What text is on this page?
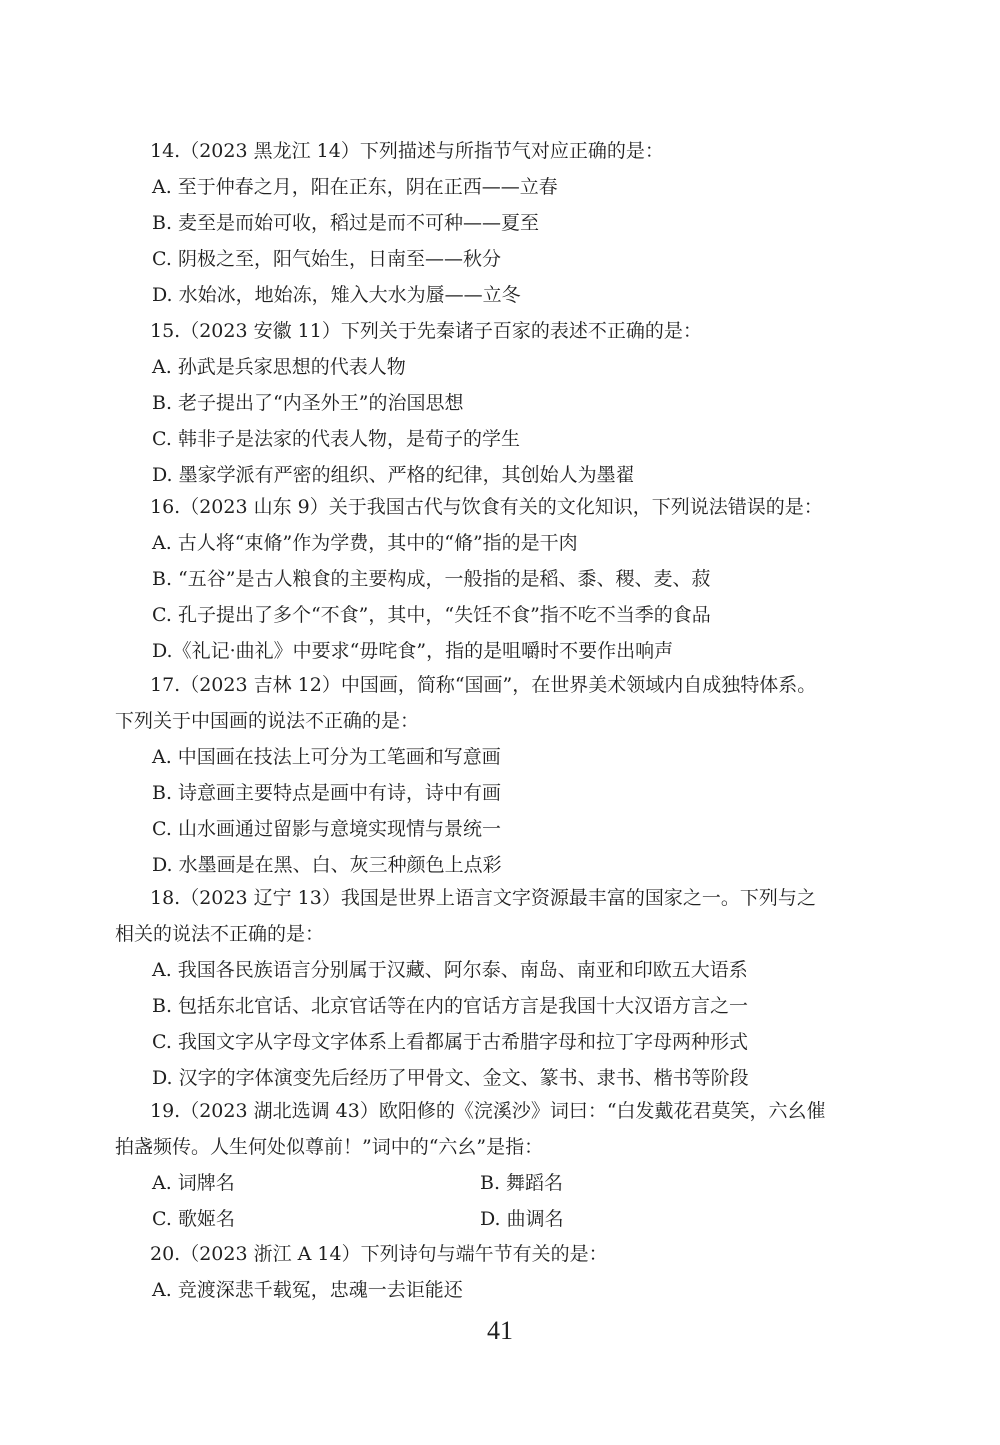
14.（2023 黑龙江 14）下列描述与所指节气对应正确的是：
A. 至于仲春之月，阳在正东，阴在正西——立春
B. 麦至是而始可收，稻过是而不可种——夏至
C. 阴极之至，阳气始生，日南至——秋分
D. 水始冰，地始冻，雉入大水为蜃——立冬
15.（2023 安徽 11）下列关于先秦诸子百家的表述不正确的是：
A. 孙武是兵家思想的代表人物
B. 老子提出了“内圣外王”的治国思想
C. 韩非子是法家的代表人物，是荀子的学生
D. 墨家学派有严密的组织、严格的纪律，其创始人为墨翟
16.（2023 山东 9）关于我国古代与饮食有关的文化知识，下列说法错误的是：
A. 古人将“束脩”作为学费，其中的“脩”指的是干肉
B. “五谷”是古人粮食的主要构成，一般指的是稻、黍、稷、麦、菽
C. 孔子提出了多个“不食”，其中，“失饪不食”指不吃不当季的食品
D.《礼记·曲礼》中要求“毋咤食”，指的是咀嚼时不要作出响声
17.（2023 吉林 12）中国画，简称“国画”，在世界美术领域内自成独特体系。
下列关于中国画的说法不正确的是：
A. 中国画在技法上可分为工笔画和写意画
B. 诗意画主要特点是画中有诗，诗中有画
C. 山水画通过留影与意境实现情与景统一
D. 水墨画是在黑、白、灰三种颜色上点彩
18.（2023 辽宁 13）我国是世界上语言文字资源最丰富的国家之一。下列与之
相关的说法不正确的是：
A. 我国各民族语言分别属于汉藏、阿尔泰、南岛、南亚和印欧五大语系
B. 包括东北官话、北京官话等在内的官话方言是我国十大汉语方言之一
C. 我国文字从字母文字体系上看都属于古希腊字母和拉丁字母两种形式
D. 汉字的字体演变先后经历了甲骨文、金文、篆书、隶书、楷书等阶段
19.（2023 湖北选调 43）欧阳修的《浣溪沙》词曰：“白发戴花君莫笑，六幺催
拍盏频传。人生何处似尊前！”词中的“六幺”是指：
A. 词牌名	B. 舞蹈名
C. 歌姬名	D. 曲调名
20.（2023 浙江 A 14）下列诗句与端午节有关的是：
A. 竞渡深悲千载冤，忠魂一去讵能还
41
